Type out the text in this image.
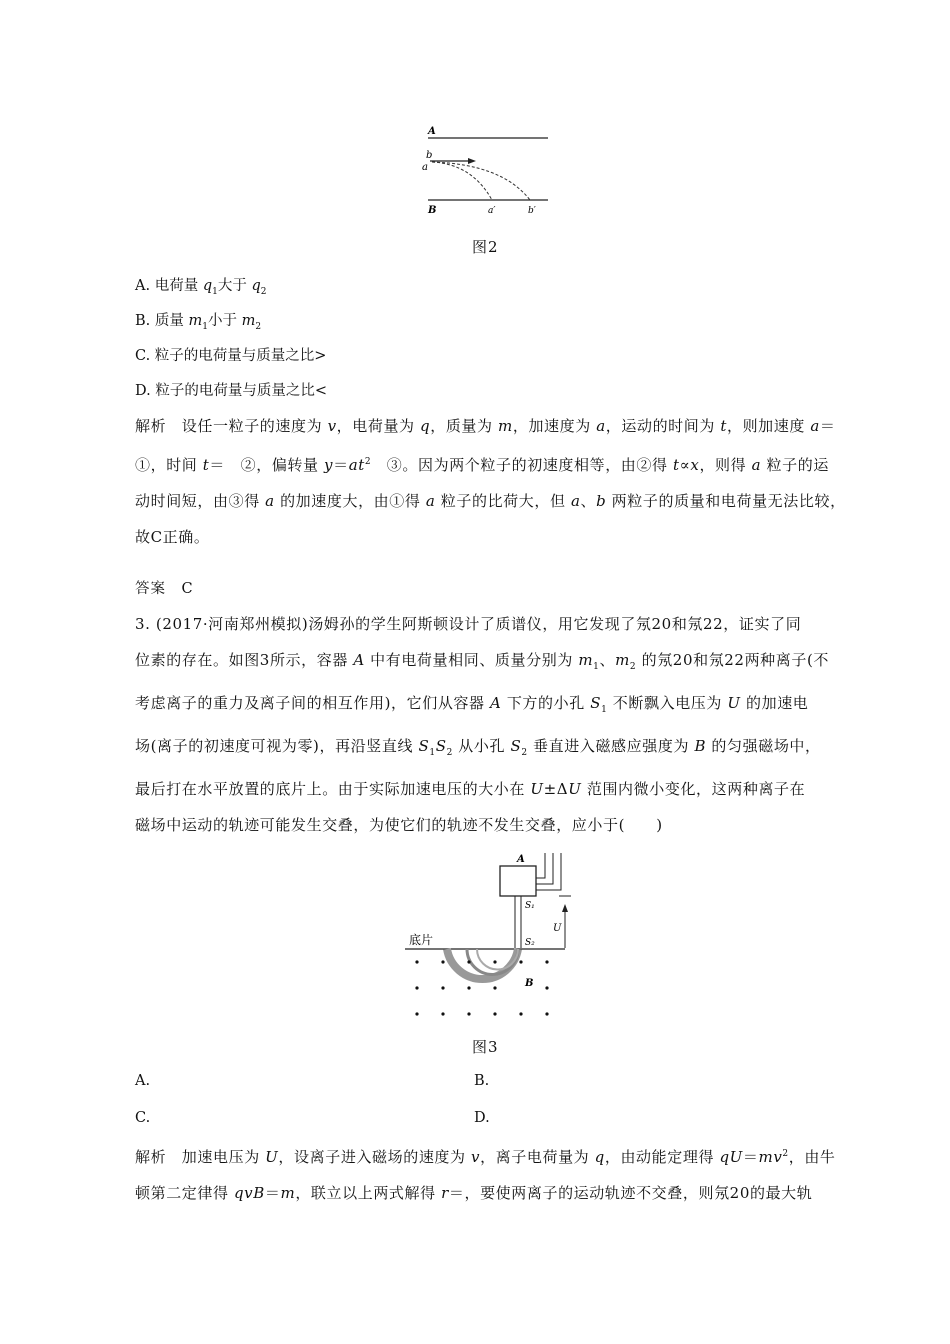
A
B
b
a
a′	b′
图2
A. 电荷量 $q_1$大于 $q_2$
B. 质量 $m_1$小于 $m_2$
C. 粒子的电荷量与质量之比>
D. 粒子的电荷量与质量之比<
解析　设任一粒子的速度为 v，电荷量为 q，质量为 m，加速度为 a，运动的时间为 t，则加速度 a＝
①，时间 t＝　②，偏转量 $y=at^2$　③。因为两个粒子的初速度相等，由②得 t∝x，则得 a 粒子的运
动时间短，由③得 a 的加速度大，由①得 a 粒子的比荷大，但 a、b 两粒子的质量和电荷量无法比较，
故C正确。
答案　C
3. (2017·河南郑州模拟)汤姆孙的学生阿斯顿设计了质谱仪，用它发现了氖20和氖22，证实了同
位素的存在。如图3所示，容器 A 中有电荷量相同、质量分别为 $m_1$、$m_2$ 的氖20和氖22两种离子(不
考虑离子的重力及离子间的相互作用)，它们从容器 A 下方的小孔 $S_1$ 不断飘入电压为 U 的加速电
场(离子的初速度可视为零)，再沿竖直线 $S_1S_2$ 从小孔 $S_2$ 垂直进入磁感应强度为 B 的匀强磁场中，
最后打在水平放置的底片上。由于实际加速电压的大小在 U±ΔU 范围内微小变化，这两种离子在
磁场中运动的轨迹可能发生交叠，为使它们的轨迹不发生交叠，应小于(　　)
A
S₁
S₂
U
底片
B
图3
A.	B.
C.	D.
解析　加速电压为 U，设离子进入磁场的速度为 v，离子电荷量为 q，由动能定理得 $qU=mv^2$，由牛
顿第二定律得 qvB＝m，联立以上两式解得 r＝，要使两离子的运动轨迹不交叠，则氖20的最大轨
